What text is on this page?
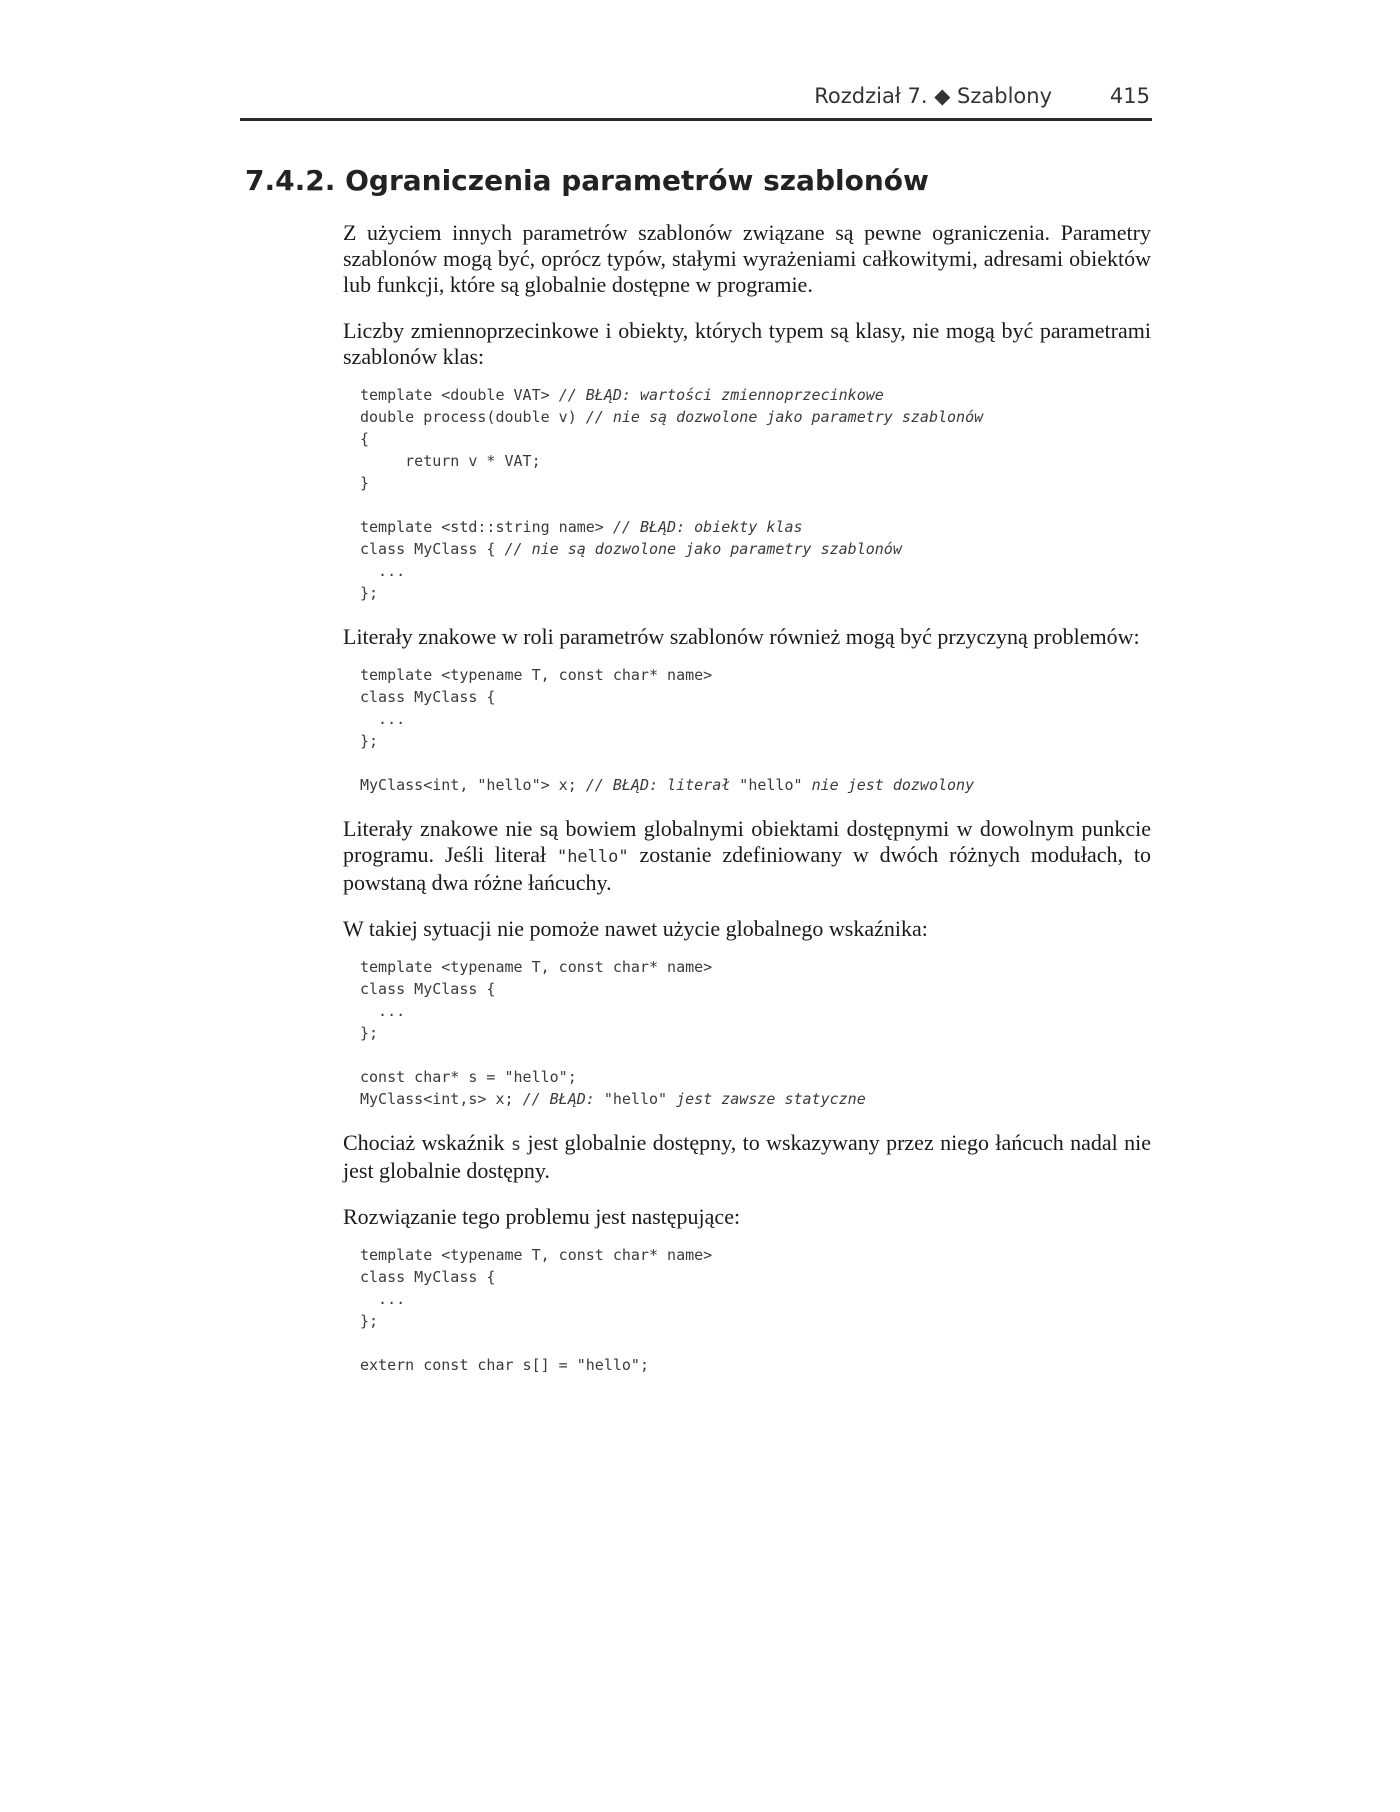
Rozdział 7. ◆ Szablony	415
7.4.2. Ograniczenia parametrów szablonów

Z użyciem innych parametrów szablonów związane są pewne ograniczenia. Parametry szablonów mogą być, oprócz typów, stałymi wyrażeniami całkowitymi, adresami obiektów lub funkcji, które są globalnie dostępne w programie.

Liczby zmiennoprzecinkowe i obiekty, których typem są klasy, nie mogą być parametrami szablonów klas:

template <double VAT> // BŁĄD: wartości zmiennoprzecinkowe
double process(double v) // nie są dozwolone jako parametry szablonów
{
return v * VAT;
}

template <std::string name> // BŁĄD: obiekty klas
class MyClass { // nie są dozwolone jako parametry szablonów
...
};

Literały znakowe w roli parametrów szablonów również mogą być przyczyną problemów:

template <typename T, const char* name>
class MyClass {
...
};

MyClass<int, "hello"> x; // BŁĄD: literał "hello" nie jest dozwolony

Literały znakowe nie są bowiem globalnymi obiektami dostępnymi w dowolnym punkcie programu. Jeśli literał "hello" zostanie zdefiniowany w dwóch różnych modułach, to powstaną dwa różne łańcuchy.

W takiej sytuacji nie pomoże nawet użycie globalnego wskaźnika:

template <typename T, const char* name>
class MyClass {
...
};

const char* s = "hello";
MyClass<int,s> x; // BŁĄD: "hello" jest zawsze statyczne

Chociaż wskaźnik s jest globalnie dostępny, to wskazywany przez niego łańcuch nadal nie jest globalnie dostępny.

Rozwiązanie tego problemu jest następujące:

template <typename T, const char* name>
class MyClass {
...
};

extern const char s[] = "hello";
